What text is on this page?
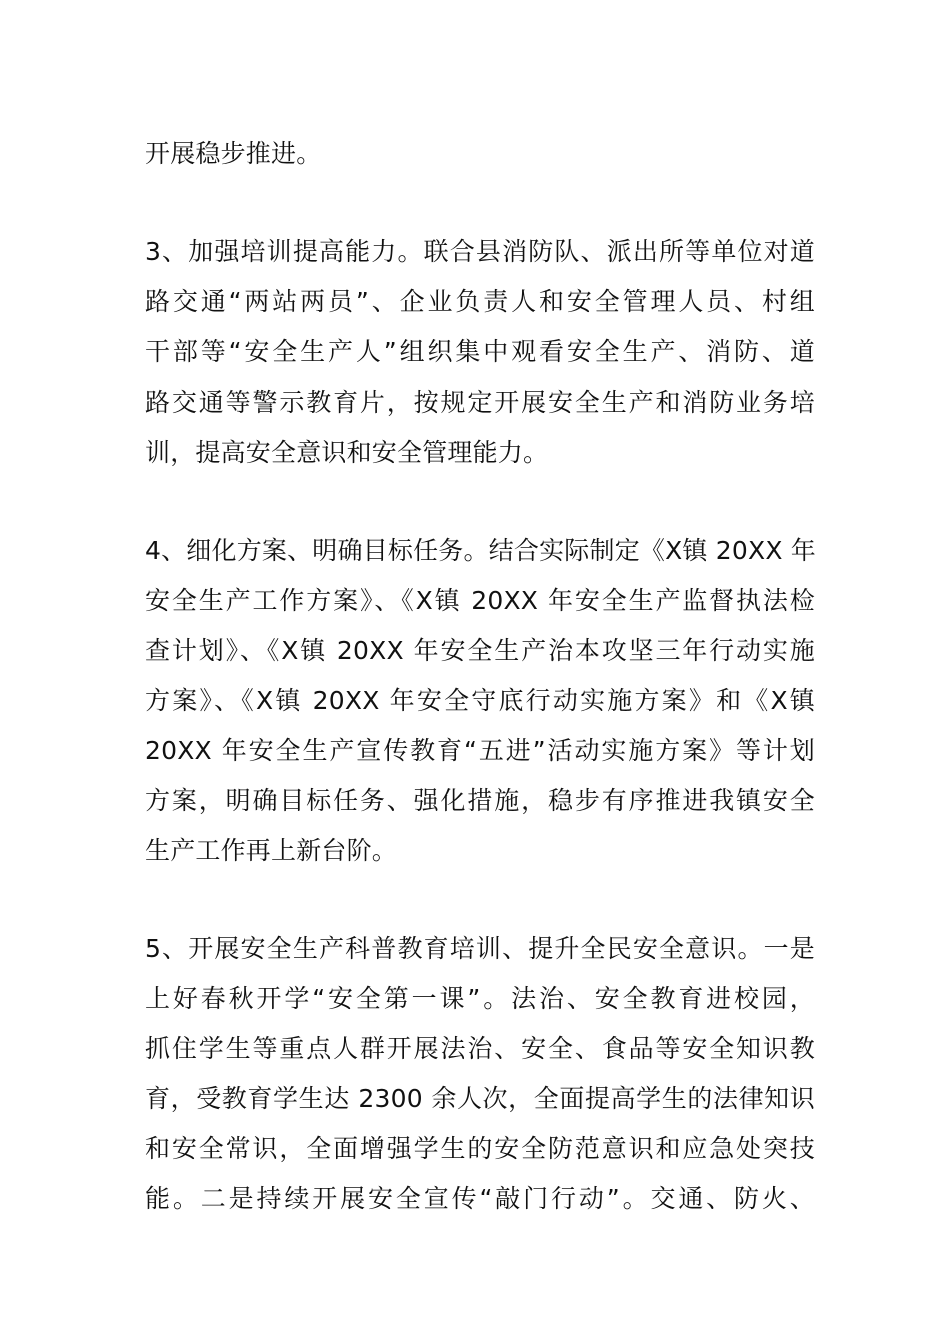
开展稳步推进。
3、加强培训提高能力。联合县消防队、派出所等单位对道
路交通“两站两员”、企业负责人和安全管理人员、村组
干部等“安全生产人”组织集中观看安全生产、消防、道
路交通等警示教育片，按规定开展安全生产和消防业务培
训，提高安全意识和安全管理能力。
4、细化方案、明确目标任务。结合实际制定《X镇 20XX 年
安全生产工作方案》、《X镇 20XX 年安全生产监督执法检
查计划》、《X镇 20XX 年安全生产治本攻坚三年行动实施
方案》、《X镇 20XX 年安全守底行动实施方案》和《X镇
20XX 年安全生产宣传教育“五进”活动实施方案》等计划
方案，明确目标任务、强化措施，稳步有序推进我镇安全
生产工作再上新台阶。
5、开展安全生产科普教育培训、提升全民安全意识。一是
上好春秋开学“安全第一课”。法治、安全教育进校园，
抓住学生等重点人群开展法治、安全、食品等安全知识教
育，受教育学生达 2300 余人次，全面提高学生的法律知识
和安全常识，全面增强学生的安全防范意识和应急处突技
能。二是持续开展安全宣传“敲门行动”。交通、防火、
